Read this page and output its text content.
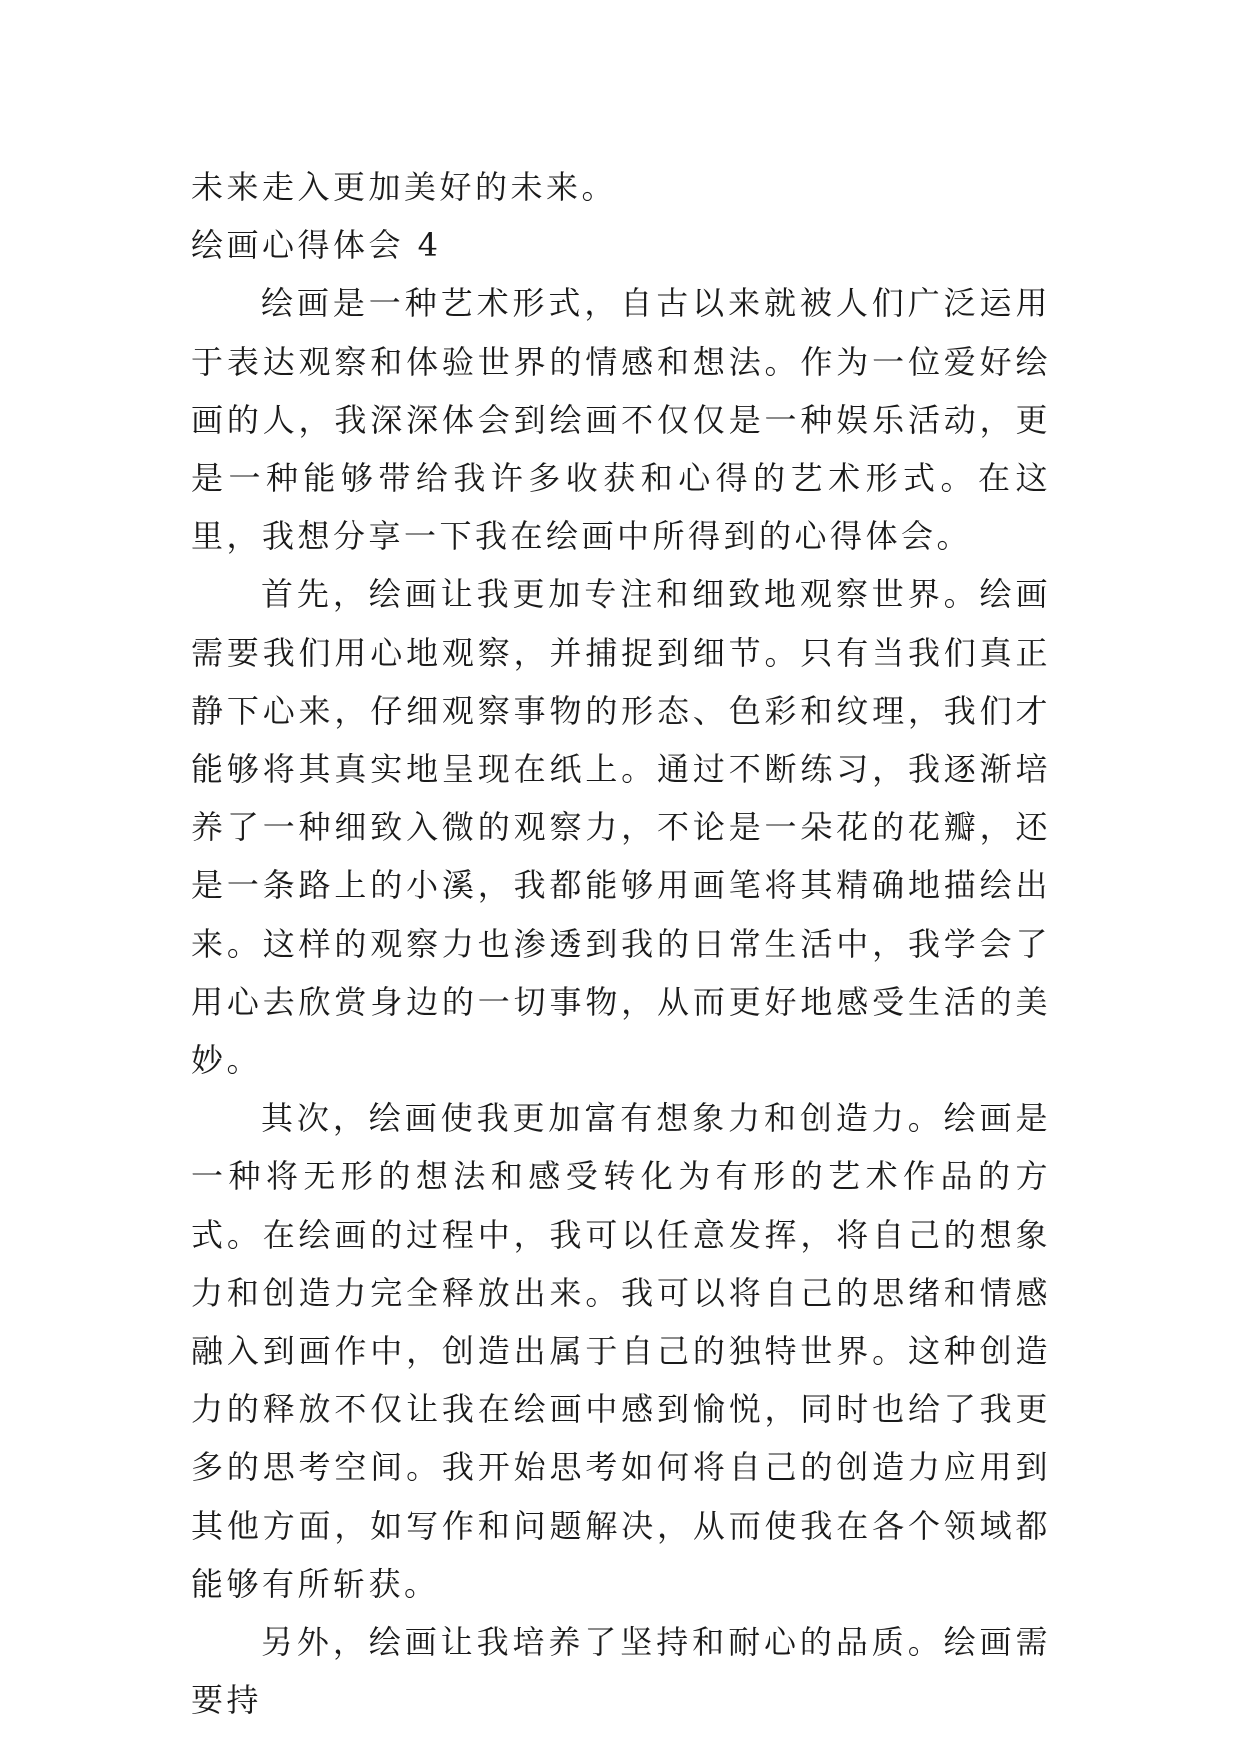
未来走入更加美好的未来。

绘画心得体会 4

绘画是一种艺术形式，自古以来就被人们广泛运用于表达观察和体验世界的情感和想法。作为一位爱好绘画的人，我深深体会到绘画不仅仅是一种娱乐活动，更是一种能够带给我许多收获和心得的艺术形式。在这里，我想分享一下我在绘画中所得到的心得体会。

首先，绘画让我更加专注和细致地观察世界。绘画需要我们用心地观察，并捕捉到细节。只有当我们真正静下心来，仔细观察事物的形态、色彩和纹理，我们才能够将其真实地呈现在纸上。通过不断练习，我逐渐培养了一种细致入微的观察力，不论是一朵花的花瓣，还是一条路上的小溪，我都能够用画笔将其精确地描绘出来。这样的观察力也渗透到我的日常生活中，我学会了用心去欣赏身边的一切事物，从而更好地感受生活的美妙。

其次，绘画使我更加富有想象力和创造力。绘画是一种将无形的想法和感受转化为有形的艺术作品的方式。在绘画的过程中，我可以任意发挥，将自己的想象力和创造力完全释放出来。我可以将自己的思绪和情感融入到画作中，创造出属于自己的独特世界。这种创造力的释放不仅让我在绘画中感到愉悦，同时也给了我更多的思考空间。我开始思考如何将自己的创造力应用到其他方面，如写作和问题解决，从而使我在各个领域都能够有所斩获。

另外，绘画让我培养了坚持和耐心的品质。绘画需要持
